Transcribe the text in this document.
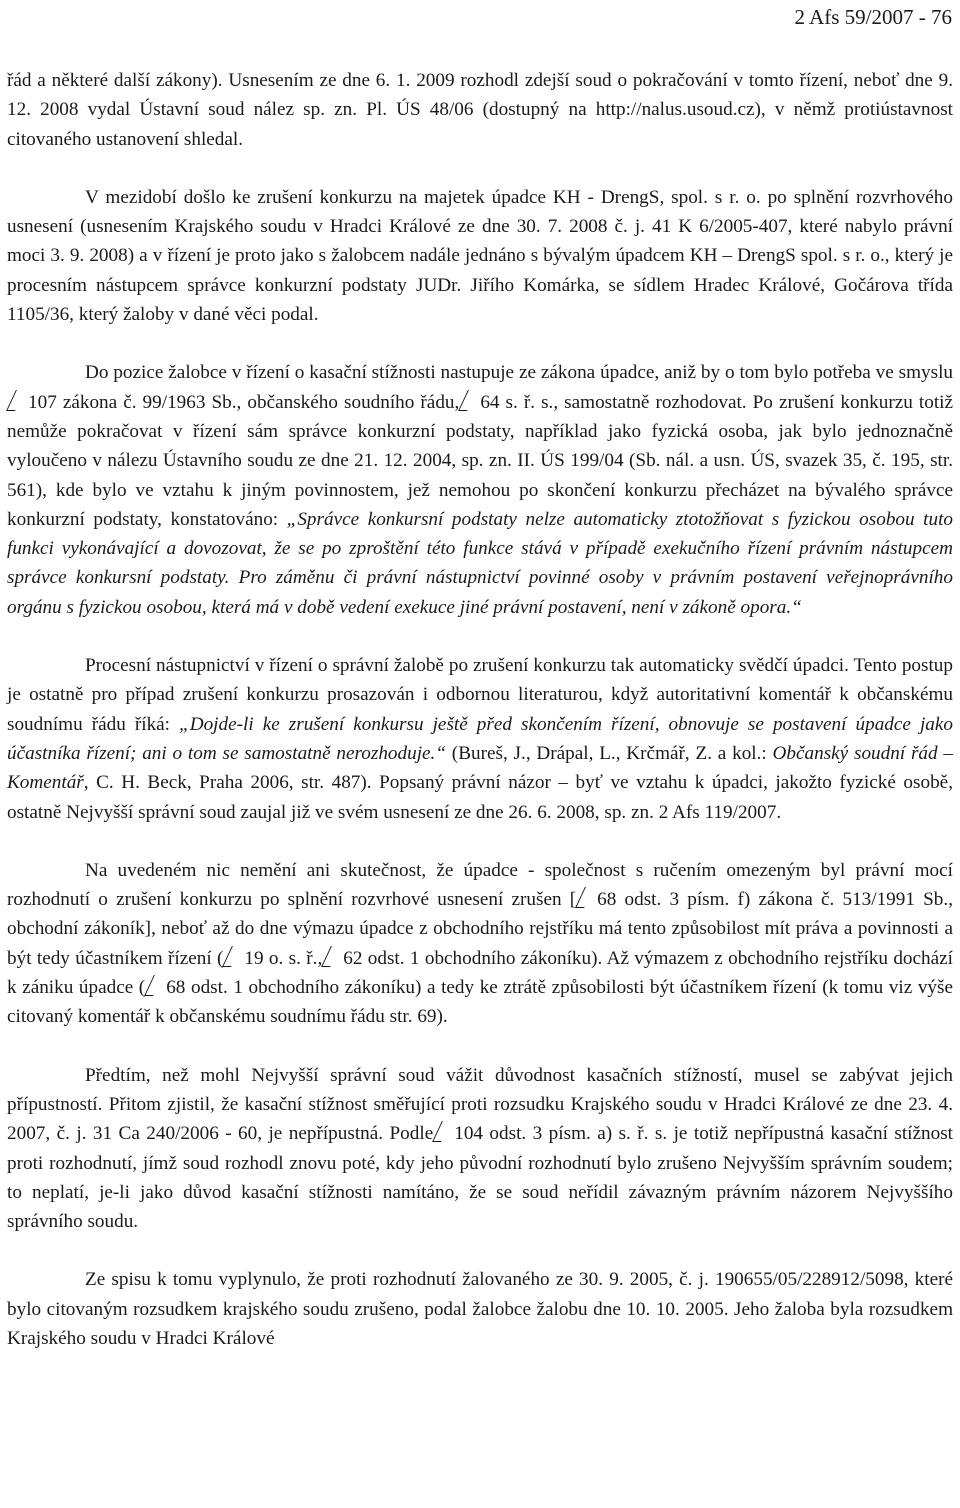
2 Afs 59/2007 - 76

řád a některé další zákony). Usnesením ze dne 6. 1. 2009 rozhodl zdejší soud o pokračování v tomto řízení, neboť dne 9. 12. 2008 vydal Ústavní soud nález sp. zn. Pl. ÚS 48/06 (dostupný na http://nalus.usoud.cz), v němž protiústavnost citovaného ustanovení shledal.

V mezidobí došlo ke zrušení konkurzu na majetek úpadce KH - DrengS, spol. s r. o. po splnění rozvrhového usnesení (usnesením Krajského soudu v Hradci Králové ze dne 30. 7. 2008 č. j. 41 K 6/2005-407, které nabylo právní moci 3. 9. 2008) a v řízení je proto jako s žalobcem nadále jednáno s bývalým úpadcem KH – DrengS spol. s r. o., který je procesním nástupcem správce konkurzní podstaty JUDr. Jiřího Komárka, se sídlem Hradec Králové, Gočárova třída 1105/36, který žaloby v dané věci podal.

Do pozice žalobce v řízení o kasační stížnosti nastupuje ze zákona úpadce, aniž by o tom bylo potřeba ve smyslu107 zákona č. 99/1963 Sb., občanského soudního řádu, 64 s. ř. s., samostatně rozhodovat. Po zrušení konkurzu totiž nemůže pokračovat v řízení sám správce konkurzní podstaty, například jako fyzická osoba, jak bylo jednoznačně vyloučeno v nálezu Ústavního soudu ze dne 21. 12. 2004, sp. zn. II. ÚS 199/04 (Sb. nál. a usn. ÚS, svazek 35, č. 195, str. 561), kde bylo ve vztahu k jiným povinnostem, jež nemohou po skončení konkurzu přecházet na bývalého správce konkurzní podstaty, konstatováno: „Správce konkursní podstaty nelze automaticky ztotožňovat s fyzickou osobou tuto funkci vykonávající a dovozovat, že se po zproštění této funkce stává v případě exekučního řízení právním nástupcem správce konkursní podstaty. Pro záměnu či právní nástupnictví povinné osoby v právním postavení veřejnoprávního orgánu s fyzickou osobou, která má v době vedení exekuce jiné právní postavení, není v zákoně opora.“

Procesní nástupnictví v řízení o správní žalobě po zrušení konkurzu tak automaticky svědčí úpadci. Tento postup je ostatně pro případ zrušení konkurzu prosazován i odbornou literaturou, když autoritativní komentář k občanskému soudnímu řádu říká: „Dojde-li ke zrušení konkursu ještě před skončením řízení, obnovuje se postavení úpadce jako účastníka řízení; ani o tom se samostatně nerozhoduje.“ (Bureš, J., Drápal, L., Krčmář, Z. a kol.: Občanský soudní řád – Komentář, C. H. Beck, Praha 2006, str. 487). Popsaný právní názor – byť ve vztahu k úpadci, jakožto fyzické osobě, ostatně Nejvyšší správní soud zaujal již ve svém usnesení ze dne 26. 6. 2008, sp. zn. 2 Afs 119/2007.

Na uvedeném nic nemění ani skutečnost, že úpadce - společnost s ručením omezeným byl právní mocí rozhodnutí o zrušení konkurzu po splnění rozvrhové usnesení zrušen [ 68 odst. 3 písm. f) zákona č. 513/1991 Sb., obchodní zákoník], neboť až do dne výmazu úpadce z obchodního rejstříku má tento způsobilost mít práva a povinnosti a být tedy účastníkem řízení ( 19 o. s. ř., 62 odst. 1 obchodního zákoníku). Až výmazem z obchodního rejstříku dochází k zániku úpadce ( 68 odst. 1 obchodního zákoníku) a tedy ke ztrátě způsobilosti být účastníkem řízení (k tomu viz výše citovaný komentář k občanskému soudnímu řádu str. 69).

Předtím, než mohl Nejvyšší správní soud vážit důvodnost kasačních stížností, musel se zabývat jejich přípustností. Přitom zjistil, že kasační stížnost směřující proti rozsudku Krajského soudu v Hradci Králové ze dne 23. 4. 2007, č. j. 31 Ca 240/2006 - 60, je nepřípustná. Podle 104 odst. 3 písm. a) s. ř. s. je totiž nepřípustná kasační stížnost proti rozhodnutí, jímž soud rozhodl znovu poté, kdy jeho původní rozhodnutí bylo zrušeno Nejvyšším správním soudem; to neplatí, je-li jako důvod kasační stížnosti namítáno, že se soud neřídil závazným právním názorem Nejvyššího správního soudu.

Ze spisu k tomu vyplynulo, že proti rozhodnutí žalovaného ze 30. 9. 2005, č. j. 190655/05/228912/5098, které bylo citovaným rozsudkem krajského soudu zrušeno, podal žalobce žalobu dne 10. 10. 2005. Jeho žaloba byla rozsudkem Krajského soudu v Hradci Králové
